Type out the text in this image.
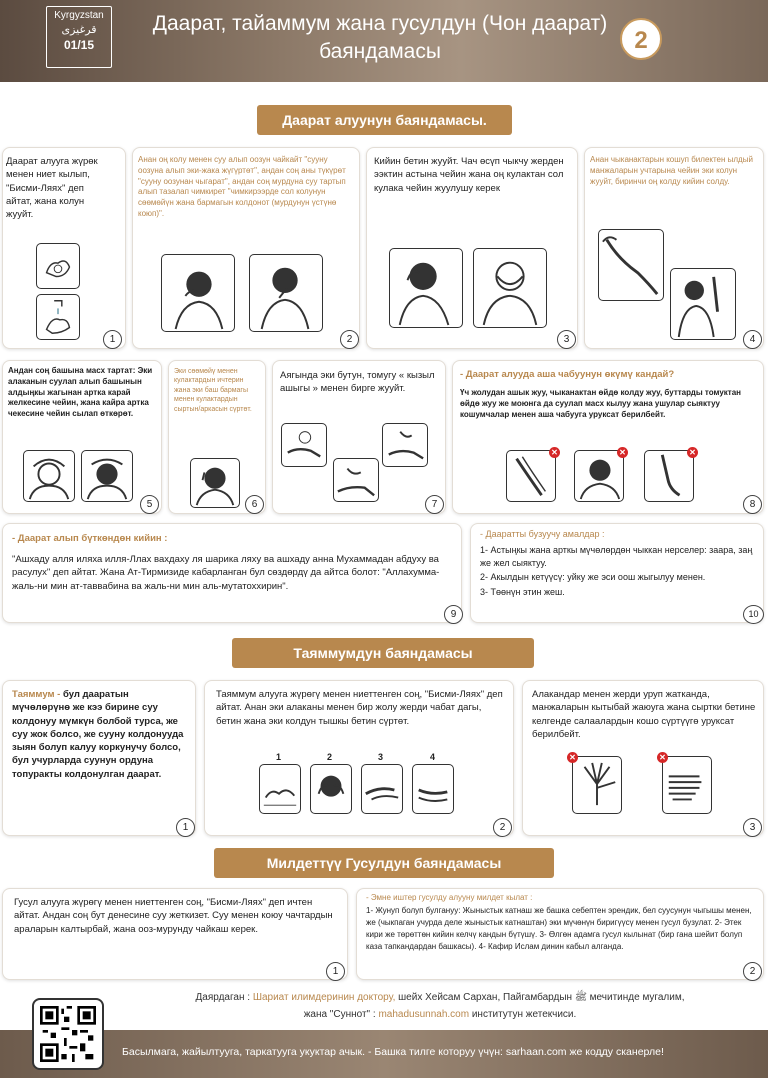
Kyrgyzstan
قرغیزی
01/15
Даарат, тайаммум жана гусулдун (Чон даарат) баяндамасы	2
Даарат алуунун баяндамасы.
Даарат алууга жүрөк менен ниет кылып, "Бисми-Ляях" деп айтат, жана колун жууйт.
1
Анан оң колу менен суу алып оозун чайкайт "сууну оозуна алып эки-жака жүгүртөт", андан соң аны түкүрөт "сууну оозунан чыгарат", андан соң мурдуна суу тартып алып тазалап чимкирет "чимкирээрде сол колунун сөөмөйүн жана бармагын колдонот (мурдунун үстүнө коюп)".
2
Кийин бетин жууйт. Чач өсүп чыкчу жерден ээктин астына чейин жана оң кулактан сол кулака чейин жуулушу керек
3
Анан чыканактарын кошуп билектен ылдый манжаларын учтарына чейин эки колун жууйт, биринчи оң колду кийин солду.
4
Андан соң башына масх тартат: Эки алаканын суулап алып башынын алдыңкы жагынан артка карай желкесине чейин, жана кайра артка чекесине чейин сылап өткөрөт.
5
Эки сөөмөйү менен кулактардын ичтерин жана эки баш бармагы менен кулактардын сыртын/аркасын сүртөт.
6
Аягында эки бутун, томугу « кызыл ашыгы » менен бирге жууйт.
7
- Даарат алууда аша чабуунун өкүмү кандай?
Үч жолудан ашык жуу, чыканактан өйдө колду жуу, буттарды томуктан өйдө жуу же моюнга да суулап масх кылуу жана ушулар сыяктуу кошумчалар менен аша чабууга уруксат берилбейт.
✕	✕	✕
8
- Даарат алып бүткөндөн кийин :
"Ашхаду алля иляха илля-Ллах вахдаху ля шарика ляху ва ашхаду анна Мухаммадан абдуху ва расулух" деп айтат. Жана Ат-Тирмизиде кабарланган бул сөздөрдү да айтса болот: "Аллахумма-жаль-ни мин ат-таввабина ва жаль-ни мин аль-мутатоххирин".
9
- Дааратты бузуучу амалдар :
1- Астыңкы жана арткы мүчөлөрдөн чыккан нерселер: заара, заң же жел сыяктуу.
2- Акылдын кетүүсү: уйку же эси оош жыгылуу менен.
3- Төөнүн этин жеш.
10
Таяммумдун баяндамасы
Таяммум - бул дааратын мүчөлөрүнө же кээ бирине суу колдонуу мүмкүн болбой турса, же суу жок болсо, же сууну колдонууда зыян болуп калуу коркунучу болсо, бул учурларда суунун ордуна топуракты колдонулган даарат.
1
Таяммум алууга жүрөгү менен ниеттенген соң, "Бисми-Ляях" деп айтат. Анан эки алаканы менен бир жолу жерди чабат дагы, бетин жана эки колдун тышкы бетин сүртөт.
1	2	3	4
2
Алакандар менен жерди уруп жатканда, манжаларын кытыбай жаюуга жана сыртки бетине келгенде салаалардын кошо сүртүүгө уруксат берилбейт.
✕	✕
3
Милдеттүү Гусулдун баяндамасы
Гусул алууга жүрөгү менен ниеттенген соң, "Бисми-Ляях" деп ичтен айтат. Андан соң бут денесине суу жеткизет. Суу менен коюу чачтардын араларын калтырбай, жана ооз-мурунду чайкаш керек.
1
- Эмне иштер гусулду алууну милдет кылат :
1- Жунуп болуп булгануу: Жыныстык катнаш же башка себептен эрендик, бел суусунун чыгышы менен, же (чыкпаган учурда деле жыныстык катнаштан) эки мүчөнүн биригүүсү менен гусул бузулат. 2- Этек кири же төрөттөн кийин келчү кандын бүтүшү. 3- Өлгөн адамга гусул кылынат (бир гана шейит болуп каза тапкандардан башкасы). 4- Кафир Ислам динин кабыл алганда.
2
Даярдаган : Шариат илимдеринин доктору, шейх Хейсам Сархан, Пайгамбардын ﷺ мечитинде мугалим,
жана "Суннот" : mahadusunnah.com институтун жетекчиси.
Басылмага, жайылтууга, таркатууга укуктар ачык. - Башка тилге которуу үчүн: sarhaan.com же кодду сканерле!
